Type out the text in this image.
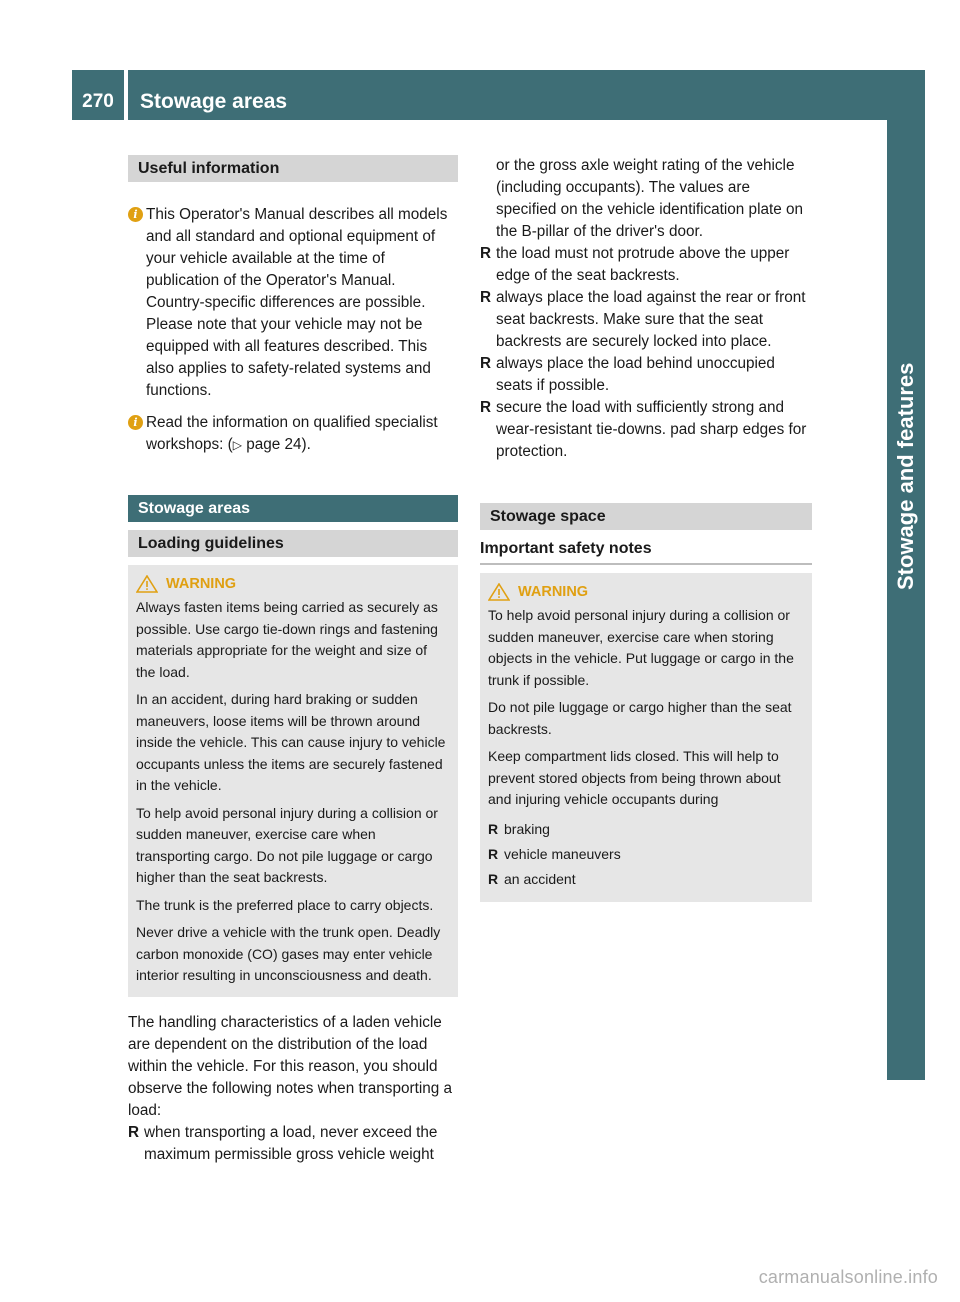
270	Stowage areas
Stowage and features
Useful information

i This Operator's Manual describes all models and all standard and optional equipment of your vehicle available at the time of publication of the Operator's Manual. Country-specific differences are possible. Please note that your vehicle may not be equipped with all features described. This also applies to safety-related systems and functions.

i Read the information on qualified specialist workshops: (▷ page 24).

Stowage areas
Loading guidelines
WARNING

Always fasten items being carried as securely as possible. Use cargo tie-down rings and fastening materials appropriate for the weight and size of the load.

In an accident, during hard braking or sudden maneuvers, loose items will be thrown around inside the vehicle. This can cause injury to vehicle occupants unless the items are securely fastened in the vehicle.

To help avoid personal injury during a collision or sudden maneuver, exercise care when transporting cargo. Do not pile luggage or cargo higher than the seat backrests.

The trunk is the preferred place to carry objects.

Never drive a vehicle with the trunk open. Deadly carbon monoxide (CO) gases may enter vehicle interior resulting in unconsciousness and death.

The handling characteristics of a laden vehicle are dependent on the distribution of the load within the vehicle. For this reason, you should observe the following notes when transporting a load:

R when transporting a load, never exceed the maximum permissible gross vehicle weight

or the gross axle weight rating of the vehicle (including occupants). The values are specified on the vehicle identification plate on the B-pillar of the driver's door.

R the load must not protrude above the upper edge of the seat backrests.
R always place the load against the rear or front seat backrests. Make sure that the seat backrests are securely locked into place.
R always place the load behind unoccupied seats if possible.
R secure the load with sufficiently strong and wear-resistant tie-downs. pad sharp edges for protection.
Stowage space
Important safety notes
WARNING

To help avoid personal injury during a collision or sudden maneuver, exercise care when storing objects in the vehicle. Put luggage or cargo in the trunk if possible.

Do not pile luggage or cargo higher than the seat backrests.

Keep compartment lids closed. This will help to prevent stored objects from being thrown about and injuring vehicle occupants during

R braking
R vehicle maneuvers
R an accident
carmanualsonline.info
